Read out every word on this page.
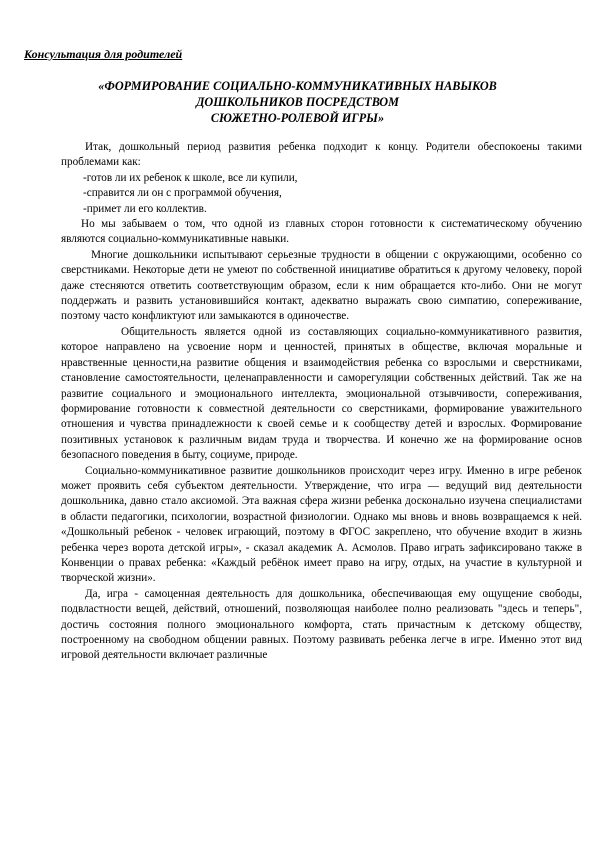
Консультация для родителей
«ФОРМИРОВАНИЕ СОЦИАЛЬНО-КОММУНИКАТИВНЫХ НАВЫКОВ
ДОШКОЛЬНИКОВ ПОСРЕДСТВОМ
СЮЖЕТНО-РОЛЕВОЙ ИГРЫ»

Итак, дошкольный период развития ребенка подходит к концу. Родители обеспокоены такими проблемами как:

-готов ли их ребенок к школе, все ли купили,

-справится ли он с программой обучения,

-примет ли его коллектив.

Но мы забываем о том, что одной из главных сторон готовности к систематическому обучению являются социально-коммуникативные навыки.

Многие дошкольники испытывают серьезные трудности в общении с окружающими, особенно со сверстниками. Некоторые дети не умеют по собственной инициативе обратиться к другому человеку, порой даже стесняются ответить соответствующим образом, если к ним обращается кто-либо. Они не могут поддержать и развить установившийся контакт, адекватно выражать свою симпатию, сопереживание, поэтому часто конфликтуют или замыкаются в одиночестве.

Общительность является одной из составляющих социально-коммуникативного развития, которое направлено на усвоение норм и ценностей, принятых в обществе, включая моральные и нравственные ценности,на развитие общения и взаимодействия ребенка со взрослыми и сверстниками, становление самостоятельности, целенаправленности и саморегуляции собственных действий. Так же на развитие социального и эмоционального интеллекта, эмоциональной отзывчивости, сопереживания, формирование готовности к совместной деятельности со сверстниками, формирование уважительного отношения и чувства принадлежности к своей семье и к сообществу детей и взрослых. Формирование позитивных установок к различным видам труда и творчества. И конечно же на формирование основ безопасного поведения в быту, социуме, природе.

Социально-коммуникативное развитие дошкольников происходит через игру. Именно в игре ребенок может проявить себя субъектом деятельности. Утверждение, что игра — ведущий вид деятельности дошкольника, давно стало аксиомой. Эта важная сфера жизни ребенка досконально изучена специалистами в области педагогики, психологии, возрастной физиологии. Однако мы вновь и вновь возвращаемся к ней. «Дошкольный ребенок - человек играющий, поэтому в ФГОС закреплено, что обучение входит в жизнь ребенка через ворота детской игры», - сказал академик А. Асмолов. Право играть зафиксировано также в Конвенции о правах ребенка: «Каждый ребёнок имеет право на игру, отдых, на участие в культурной и творческой жизни».

Да, игра - самоценная деятельность для дошкольника, обеспечивающая ему ощущение свободы, подвластности вещей, действий, отношений, позволяющая наиболее полно реализовать "здесь и теперь", достичь состояния полного эмоционального комфорта, стать причастным к детскому обществу, построенному на свободном общении равных. Поэтому развивать ребенка легче в игре. Именно этот вид игровой деятельности включает различные
